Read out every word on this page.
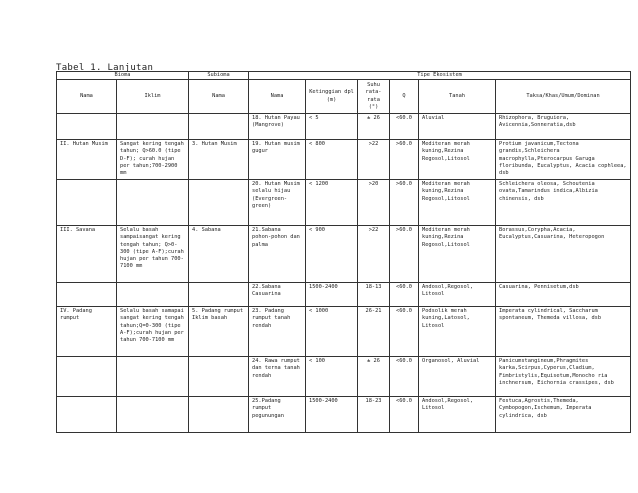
Tabel 1. Lanjutan
Bioma		Subioma	Tipe Ekosistem					
Nama	Iklim	Nama	Nama	Ketinggian dpl (m)	Suhu rata-rata (°)	Q	Tanah	Taksa/Khas/Umum/Dominan
			18. Hutan Payau (Mangrove)	< 5	± 26	<60.0	Aluvial	Rhizophora, Bruguiera, Avicennia,Sonneratia,dsb
II. Hutan Musim	Sangat kering tengah tahun; Q>60.0 (tipe D-F); curah hujan per tahun;700-2900 mm	3. Hutan Musim	19. Hutan musim gugur	< 800	>22	>60.0	Mediteran merah kuning,Rezina Regosol,Litosol	Protium javanicum,Tectona grandis,Schleichera macrophylla,Pterocarpus Garuga floribunda, Eucalyptus, Acacia cophleea, dsb
			20. Hutan Musim selalu hijau (Evergreen-green)	< 1200	>20	>60.0	Mediteran merah kuning,Rezina Regosol,Litosol	Schleichera oleosa, Schoutenia ovata,Tamarindus indica,Albizia chinensis, dsb
III. Savana	Selalu basah sampaisangat kering tengah tahun; Q>0-300 (tipe A-F);curah hujan per tahun 700-7100 mm	4. Sabana	21.Sabana pohon-pohon dan palma	< 900	>22	>60.0	Mediteran merah kuning,Rezina Regosol,Litosol	Borassus,Corypha,Acacia, Eucalyptus,Casuarina, Heteropogon
			22.Sabana Casuarina	1500-2400	18-13	<60.0	Andosol,Regosol, Litosol	Casuarina, Pennisetum,dsb
IV. Padang rumput	Selalu basah samapai sangat kering tengah tahun;Q=0-300 (tipe A-F);curah hujan per tahun 700-7100 mm	5. Padang rumput Iklim basah	23. Padang rumput tanah rendah	< 1000	26-21	<60.0	Podsolik merah kuning,Latosol, Litosol	Imperata cylindrical, Saccharum spontaneum, Themeda villosa, dsb
			24. Rawa rumput dan terna tanah rendah	< 100	± 26	<60.0	Organosol, Aluvial	Panicumstangineum,Phragmites karka,Scirpus,Cyperus,Cladium, Fimbristylis,Equisetum,Monocho ria inchnersum, Eichornia crassipes, dsb
			25.Padang rumput pegunungan	1500-2400	18-23	<60.0	Andosol,Regosol, Litosol	Festuca,Agrostis,Themeda, Cymbopogon,Ischemum, Imperata cylindrica, dsb
